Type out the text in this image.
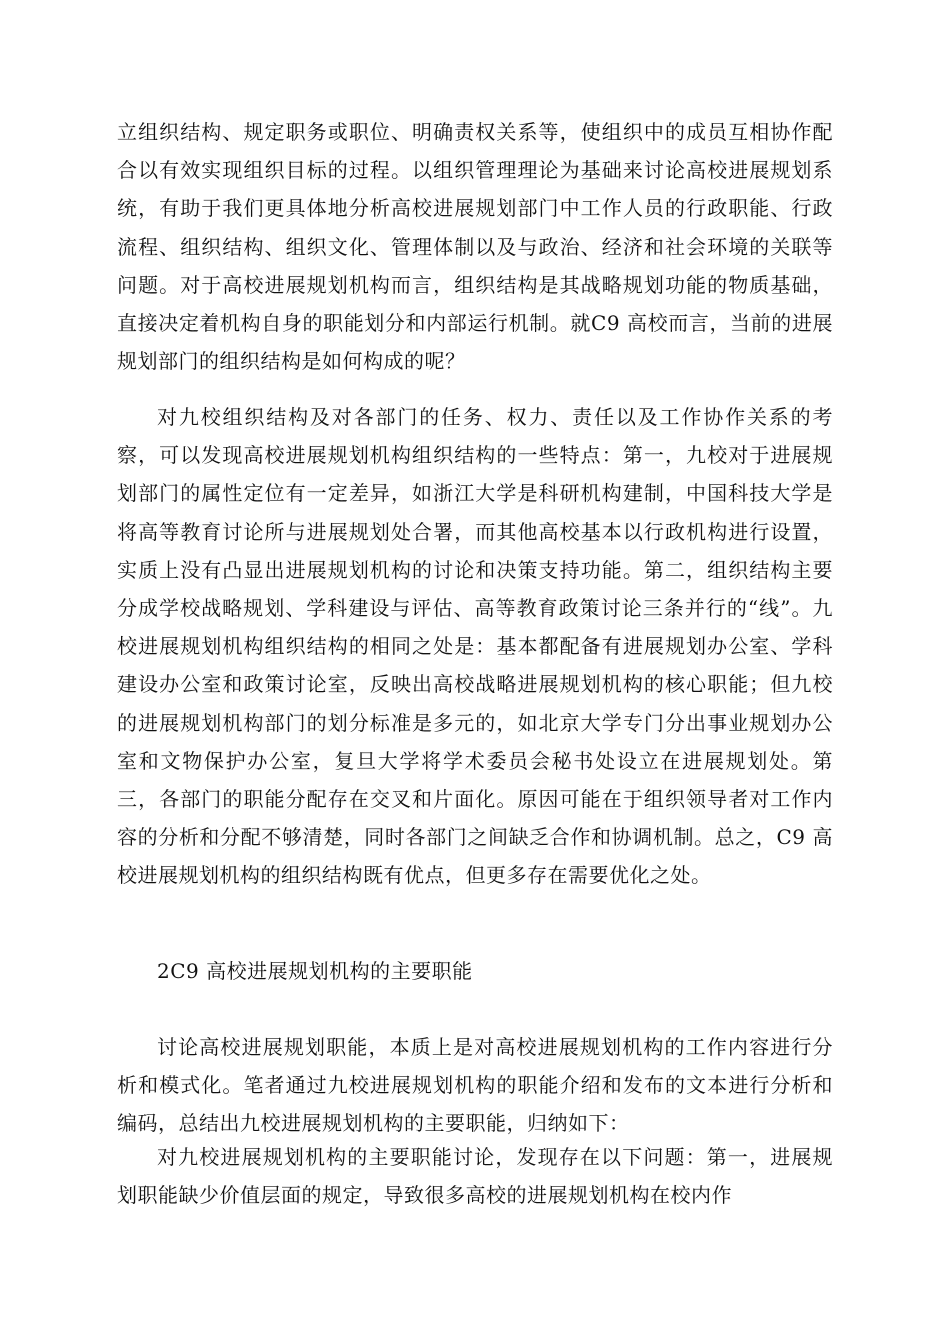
立组织结构、规定职务或职位、明确责权关系等，使组织中的成员互相协作配合以有效实现组织目标的过程。以组织管理理论为基础来讨论高校进展规划系统，有助于我们更具体地分析高校进展规划部门中工作人员的行政职能、行政流程、组织结构、组织文化、管理体制以及与政治、经济和社会环境的关联等问题。对于高校进展规划机构而言，组织结构是其战略规划功能的物质基础，直接决定着机构自身的职能划分和内部运行机制。就C9 高校而言，当前的进展规划部门的组织结构是如何构成的呢？

对九校组织结构及对各部门的任务、权力、责任以及工作协作关系的考察，可以发现高校进展规划机构组织结构的一些特点：第一，九校对于进展规划部门的属性定位有一定差异，如浙江大学是科研机构建制，中国科技大学是将高等教育讨论所与进展规划处合署，而其他高校基本以行政机构进行设置，实质上没有凸显出进展规划机构的讨论和决策支持功能。第二，组织结构主要分成学校战略规划、学科建设与评估、高等教育政策讨论三条并行的“线”。九校进展规划机构组织结构的相同之处是：基本都配备有进展规划办公室、学科建设办公室和政策讨论室，反映出高校战略进展规划机构的核心职能；但九校的进展规划机构部门的划分标准是多元的，如北京大学专门分出事业规划办公室和文物保护办公室，复旦大学将学术委员会秘书处设立在进展规划处。第三，各部门的职能分配存在交叉和片面化。原因可能在于组织领导者对工作内容的分析和分配不够清楚，同时各部门之间缺乏合作和协调机制。总之，C9 高校进展规划机构的组织结构既有优点，但更多存在需要优化之处。

2C9 高校进展规划机构的主要职能

讨论高校进展规划职能，本质上是对高校进展规划机构的工作内容进行分析和模式化。笔者通过九校进展规划机构的职能介绍和发布的文本进行分析和编码，总结出九校进展规划机构的主要职能，归纳如下：

对九校进展规划机构的主要职能讨论，发现存在以下问题：第一，进展规划职能缺少价值层面的规定，导致很多高校的进展规划机构在校内作
